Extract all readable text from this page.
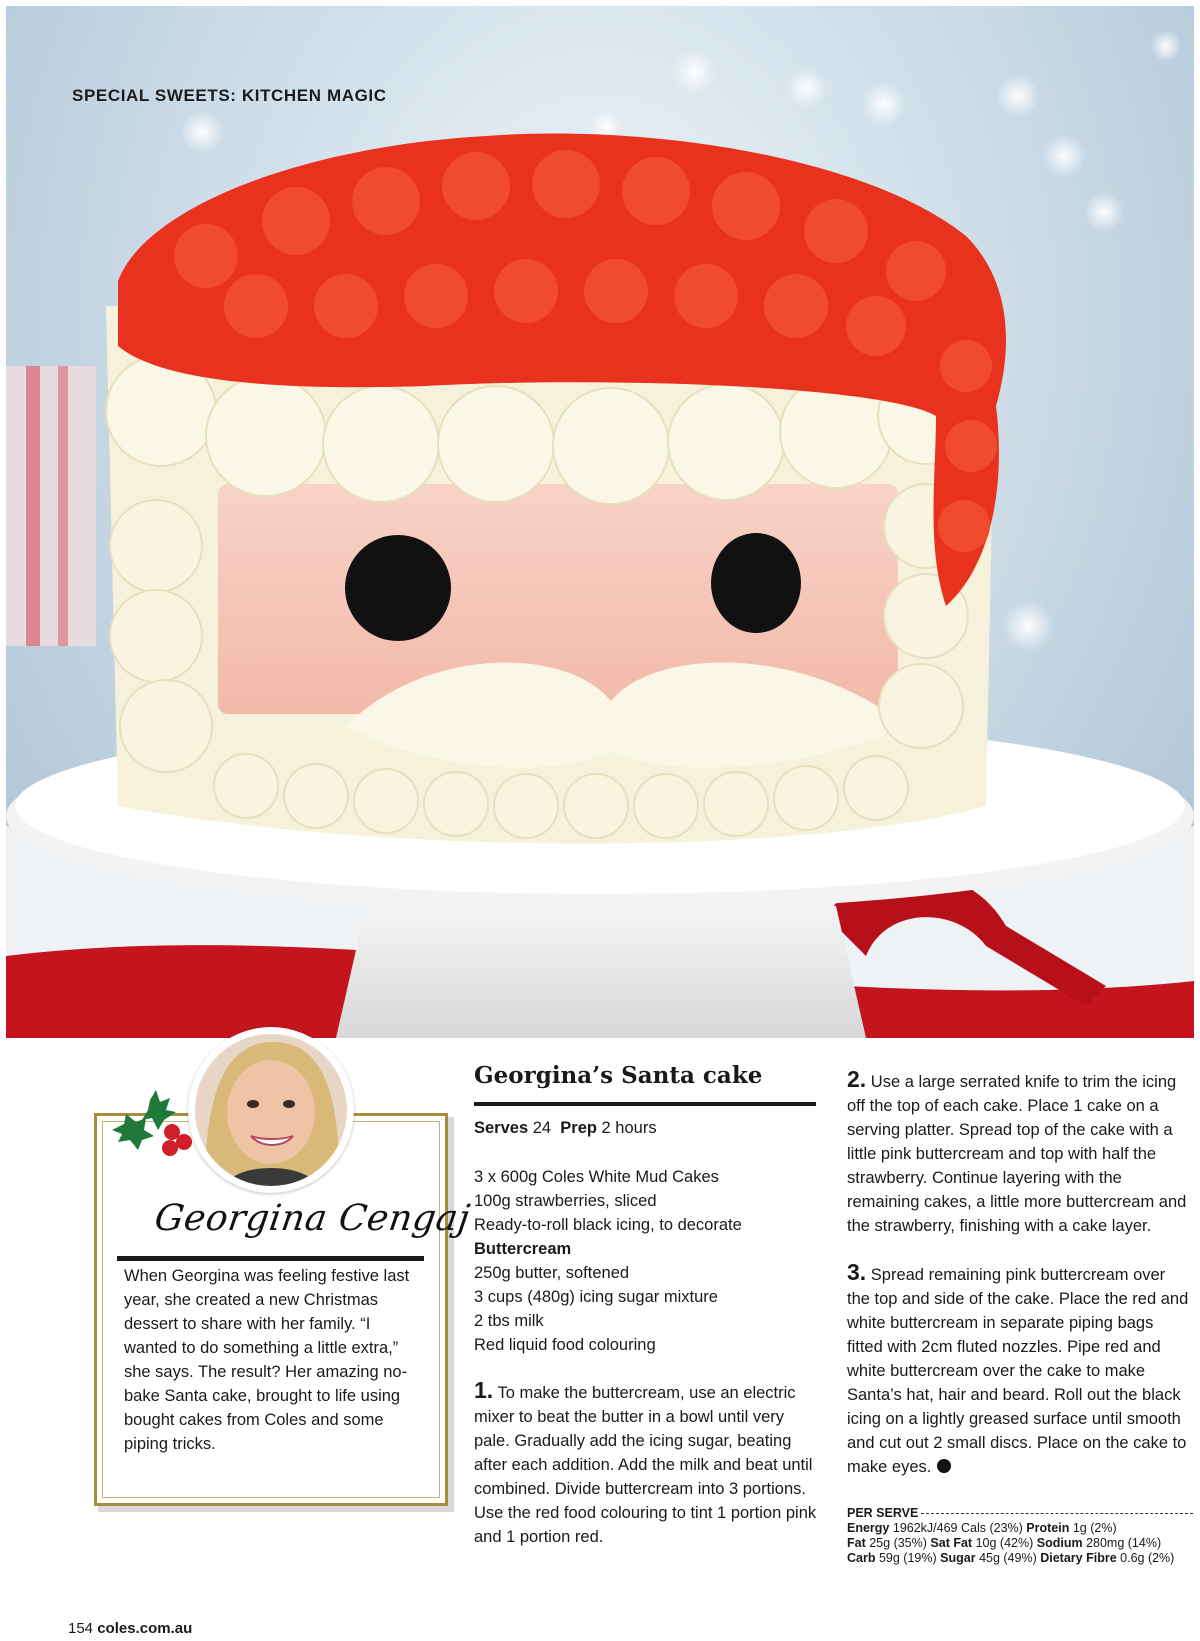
SPECIAL SWEETS: KITCHEN MAGIC
Georgina Cengaj
When Georgina was feeling festive last year, she created a new Christmas dessert to share with her family. “I wanted to do something a little extra,” she says. The result? Her amazing no-bake Santa cake, brought to life using bought cakes from Coles and some piping tricks.
Georgina’s Santa cake
Serves 24 Prep 2 hours
3 x 600g Coles White Mud Cakes
100g strawberries, sliced
Ready-to-roll black icing, to decorate
Buttercream
250g butter, softened
3 cups (480g) icing sugar mixture
2 tbs milk
Red liquid food colouring
1. To make the buttercream, use an electric mixer to beat the butter in a bowl until very pale. Gradually add the icing sugar, beating after each addition. Add the milk and beat until combined. Divide buttercream into 3 portions. Use the red food colouring to tint 1 portion pink and 1 portion red.
2. Use a large serrated knife to trim the icing off the top of each cake. Place 1 cake on a serving platter. Spread top of the cake with a little pink buttercream and top with half the strawberry. Continue layering with the remaining cakes, a little more buttercream and the strawberry, finishing with a cake layer.
3. Spread remaining pink buttercream over the top and side of the cake. Place the red and white buttercream in separate piping bags fitted with 2cm fluted nozzles. Pipe red and white buttercream over the cake to make Santa’s hat, hair and beard. Roll out the black icing on a lightly greased surface until smooth and cut out 2 small discs. Place on the cake to make eyes.
PER SERVE
Energy 1962kJ/469 Cals (23%) Protein 1g (2%)
Fat 25g (35%) Sat Fat 10g (42%) Sodium 280mg (14%)
Carb 59g (19%) Sugar 45g (49%) Dietary Fibre 0.6g (2%)
154 coles.com.au
